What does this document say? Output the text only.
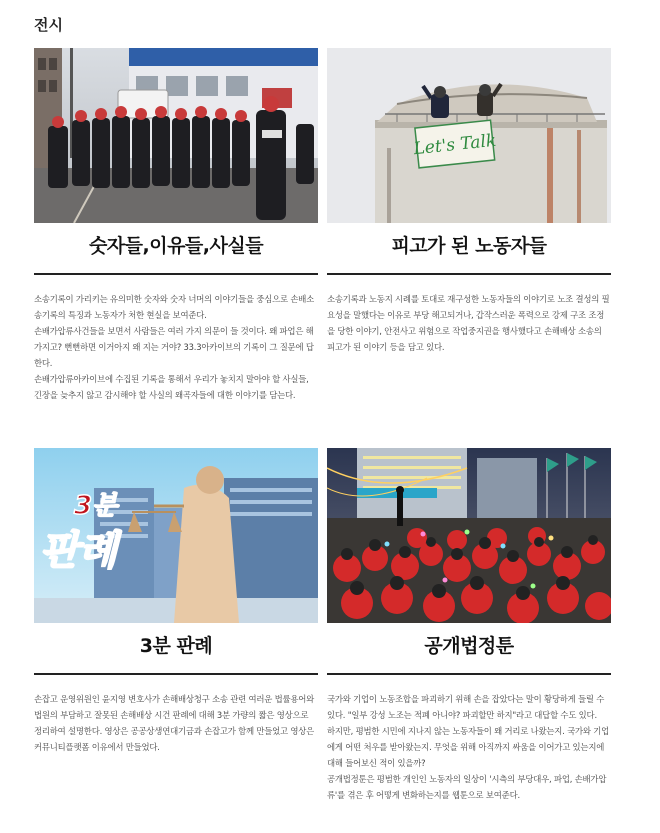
전시
숫자들,이유들,사실들

소송기록이 가리키는 유의미한 숫자와 숫자 너머의 이야기들을 중심으로 손배소송기록의 특징과 노동자가 처한 현실을 보여준다.

손배가압류사건들을 보면서 사람들은 여러 가지 의문이 들 것이다. 왜 파업은 해 가지고? 뻔뻔하면 이거아지 왜 지는 거야? 33.3아카이브의 기록이 그 질문에 답한다.

손배가압류아카이브에 수집된 기록을 통해서 우리가 놓치지 말아야 할 사실들, 긴장을 늦추지 않고 감시해야 할 사실의 왜곡자들에 대한 이야기를 담는다.

Let's Talk
피고가 된 노동자들

소송기록과 노동지 시례를 토대로 재구성한 노동자들의 이야기로 노조 결성의 필요성을 말했다는 이유로 부당 해고되거나, 갑작스러운 폭력으로 강제 구조 조정을 당한 이야기, 안전사고 위험으로 작업중지권을 행사했다고 손해배상 소송의 피고가 된 이야기 등을 담고 있다.

3분
판례
3분 판례

손잡고 운영위원인 윤지영 변호사가 손해배상청구 소송 관련 여러운 법률용어와 법원의 부담하고 잘못된 손해배상 시건 판례에 대해 3분 가량의 짧은 영상으로 정리하여 설명한다. 영상은 공공상생연대기금과 손잡고가 함께 만들었고 영상은 커뮤니티플랫폼 이유에서 만들었다.

공개법정툰

국가와 기업이 노동조합을 파괴하기 위해 손을 잡았다는 말이 황당하게 들릴 수 있다. "일부 강성 노조는 적폐 아니야? 파괴할만 하지"라고 대답할 수도 있다.

하지만, 평범한 시민에 지나지 않는 노동자들이 왜 거리로 나왔는지. 국가와 기업에게 어떤 처우를 받아왔는지. 무엇을 위해 아직까지 싸움을 이어가고 있는지에 대해 들어보신 적이 있을까?

공개법정툰은 평범한 개인인 노동자의 일상이 '시측의 부당대우, 파업, 손배가압류'를 겪은 후 어떻게 변화하는지를 웹툰으로 보여준다.
